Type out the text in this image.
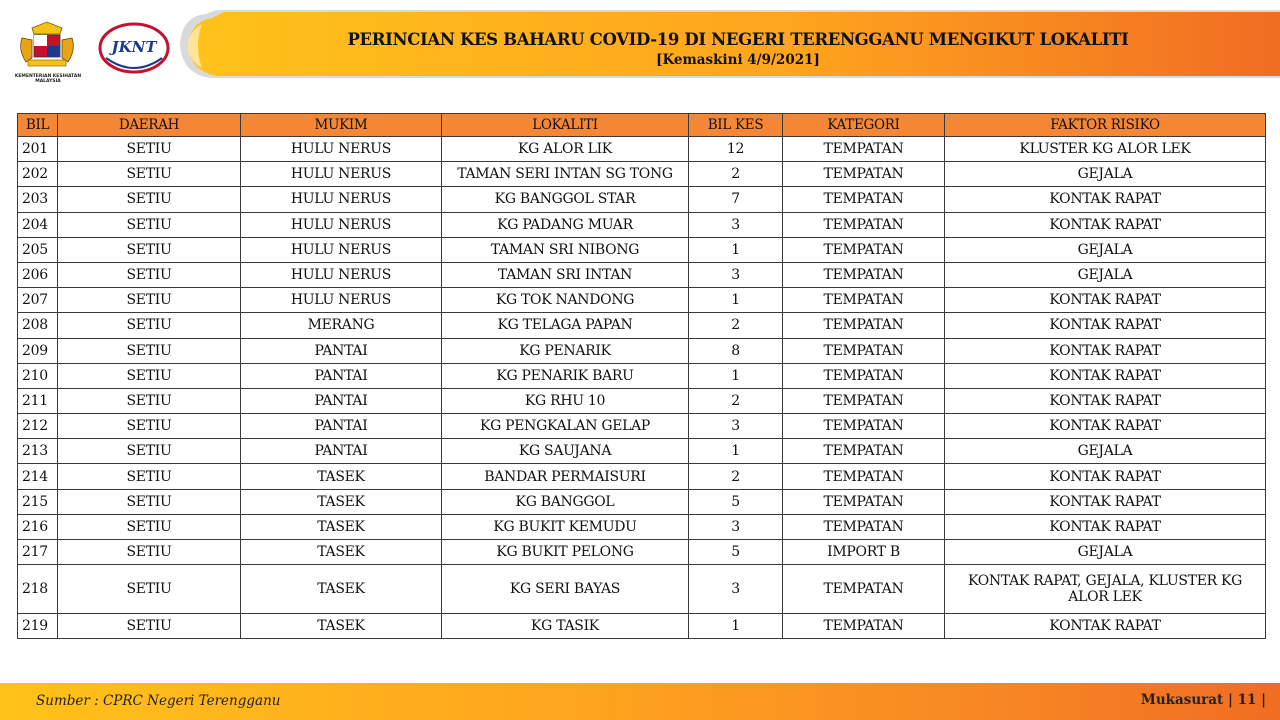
KEMENTERIAN KESIHATAN MALAYSIA
JKNT	PERINCIAN KES BAHARU COVID-19 DI NEGERI TERENGGANU MENGIKUT LOKALITI
[Kemaskini 4/9/2021]
BIL	DAERAH	MUKIM	LOKALITI	BIL KES	KATEGORI	FAKTOR RISIKO
201	SETIU	HULU NERUS	KG ALOR LIK	12	TEMPATAN	KLUSTER KG ALOR LEK
202	SETIU	HULU NERUS	TAMAN SERI INTAN SG TONG	2	TEMPATAN	GEJALA
203	SETIU	HULU NERUS	KG BANGGOL STAR	7	TEMPATAN	KONTAK RAPAT
204	SETIU	HULU NERUS	KG PADANG MUAR	3	TEMPATAN	KONTAK RAPAT
205	SETIU	HULU NERUS	TAMAN SRI NIBONG	1	TEMPATAN	GEJALA
206	SETIU	HULU NERUS	TAMAN SRI INTAN	3	TEMPATAN	GEJALA
207	SETIU	HULU NERUS	KG TOK NANDONG	1	TEMPATAN	KONTAK RAPAT
208	SETIU	MERANG	KG TELAGA PAPAN	2	TEMPATAN	KONTAK RAPAT
209	SETIU	PANTAI	KG PENARIK	8	TEMPATAN	KONTAK RAPAT
210	SETIU	PANTAI	KG PENARIK BARU	1	TEMPATAN	KONTAK RAPAT
211	SETIU	PANTAI	KG RHU 10	2	TEMPATAN	KONTAK RAPAT
212	SETIU	PANTAI	KG PENGKALAN GELAP	3	TEMPATAN	KONTAK RAPAT
213	SETIU	PANTAI	KG SAUJANA	1	TEMPATAN	GEJALA
214	SETIU	TASEK	BANDAR PERMAISURI	2	TEMPATAN	KONTAK RAPAT
215	SETIU	TASEK	KG BANGGOL	5	TEMPATAN	KONTAK RAPAT
216	SETIU	TASEK	KG BUKIT KEMUDU	3	TEMPATAN	KONTAK RAPAT
217	SETIU	TASEK	KG BUKIT PELONG	5	IMPORT B	GEJALA
218	SETIU	TASEK	KG SERI BAYAS	3	TEMPATAN	KONTAK RAPAT, GEJALA, KLUSTER KG ALOR LEK
219	SETIU	TASEK	KG TASIK	1	TEMPATAN	KONTAK RAPAT
Sumber : CPRC Negeri Terengganu	Mukasurat | 11 |
